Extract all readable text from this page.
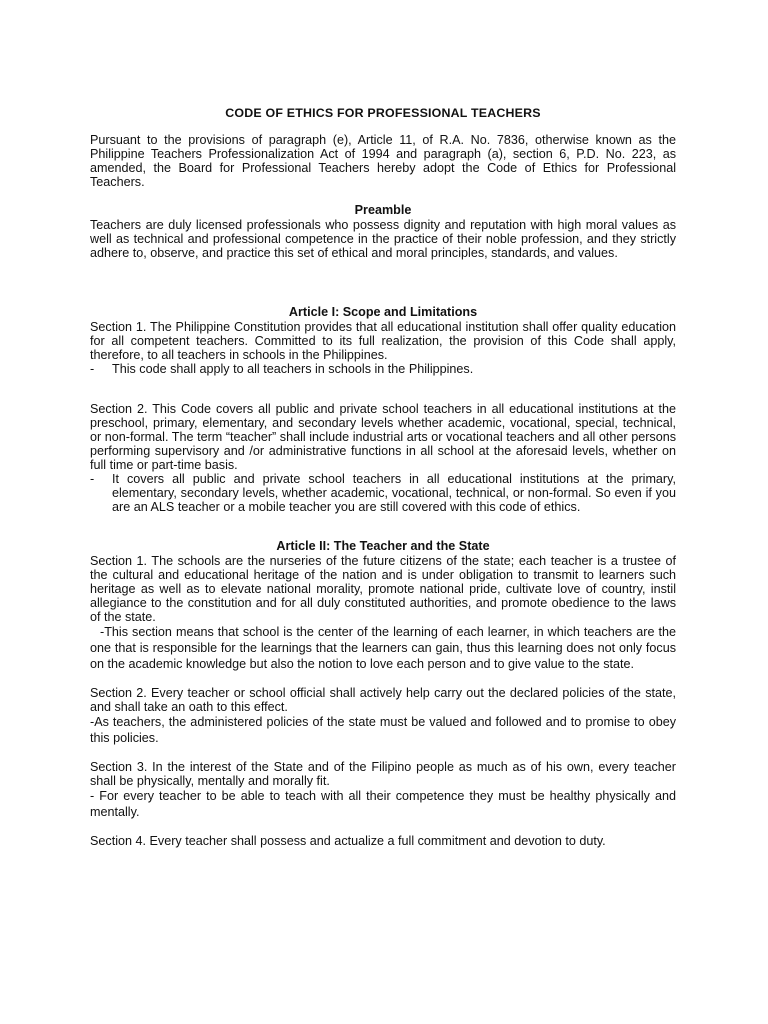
CODE OF ETHICS FOR PROFESSIONAL TEACHERS

Pursuant to the provisions of paragraph (e), Article 11, of R.A. No. 7836, otherwise known as the Philippine Teachers Professionalization Act of 1994 and paragraph (a), section 6, P.D. No. 223, as amended, the Board for Professional Teachers hereby adopt the Code of Ethics for Professional Teachers.

Preamble

Teachers are duly licensed professionals who possess dignity and reputation with high moral values as well as technical and professional competence in the practice of their noble profession, and they strictly adhere to, observe, and practice this set of ethical and moral principles, standards, and values.

Article I: Scope and Limitations

Section 1. The Philippine Constitution provides that all educational institution shall offer quality education for all competent teachers. Committed to its full realization, the provision of this Code shall apply, therefore, to all teachers in schools in the Philippines.

-	This code shall apply to all teachers in schools in the Philippines.

Section 2. This Code covers all public and private school teachers in all educational institutions at the preschool, primary, elementary, and secondary levels whether academic, vocational, special, technical, or non-formal. The term “teacher” shall include industrial arts or vocational teachers and all other persons performing supervisory and /or administrative functions in all school at the aforesaid levels, whether on full time or part-time basis.

-	It covers all public and private school teachers in all educational institutions at the primary, elementary, secondary levels, whether academic, vocational, technical, or non-formal. So even if you are an ALS teacher or a mobile teacher you are still covered with this code of ethics.

Article II: The Teacher and the State

Section 1. The schools are the nurseries of the future citizens of the state; each teacher is a trustee of the cultural and educational heritage of the nation and is under obligation to transmit to learners such heritage as well as to elevate national morality, promote national pride, cultivate love of country, instil allegiance to the constitution and for all duly constituted authorities, and promote obedience to the laws of the state.

-This section means that school is the center of the learning of each learner, in which teachers are the one that is responsible for the learnings that the learners can gain, thus this learning does not only focus on the academic knowledge but also the notion to love each person and to give value to the state.

Section 2. Every teacher or school official shall actively help carry out the declared policies of the state, and shall take an oath to this effect.

-As teachers, the administered policies of the state must be valued and followed and to promise to obey this policies.

Section 3. In the interest of the State and of the Filipino people as much as of his own, every teacher shall be physically, mentally and morally fit.

- For every teacher to be able to teach with all their competence they must be healthy physically and mentally.

Section 4. Every teacher shall possess and actualize a full commitment and devotion to duty.
